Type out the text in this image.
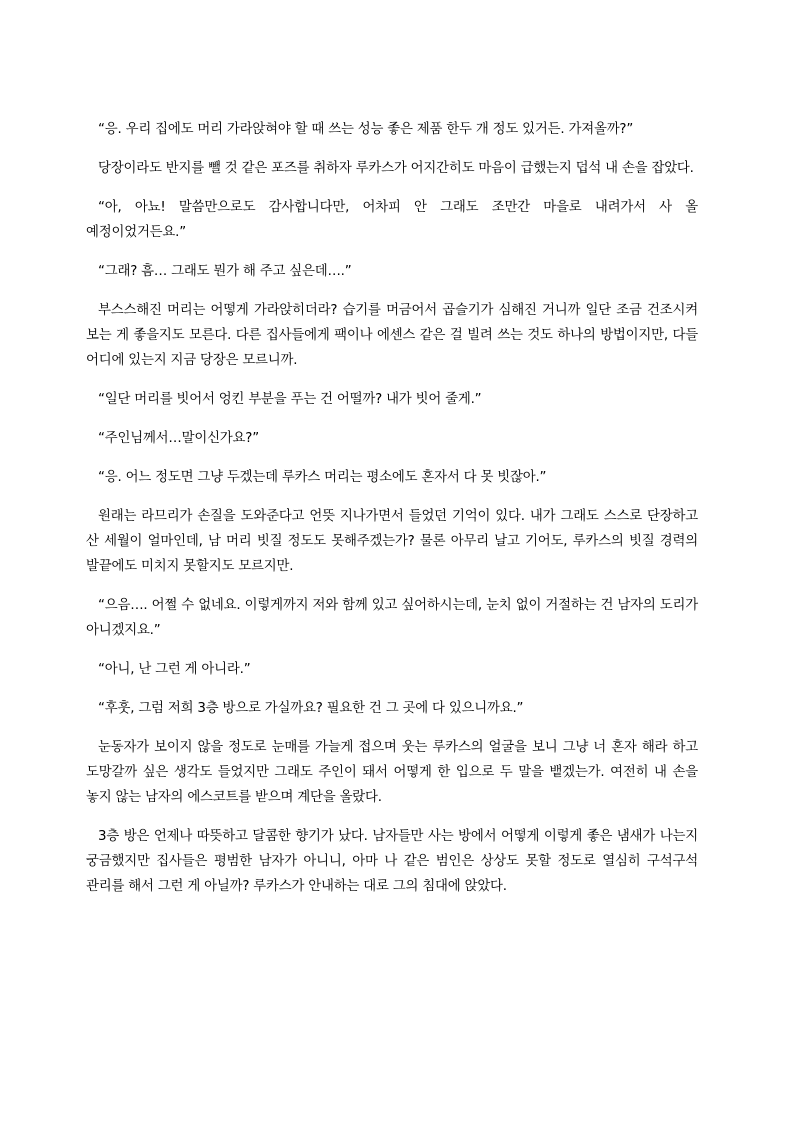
“응. 우리 집에도 머리 가라앉혀야 할 때 쓰는 성능 좋은 제품 한두 개 정도 있거든. 가져올까?”

당장이라도 반지를 뺄 것 같은 포즈를 취하자 루카스가 어지간히도 마음이 급했는지 덥석 내 손을 잡았다.

“아, 아뇨! 말씀만으로도 감사합니다만, 어차피 안 그래도 조만간 마을로 내려가서 사 올 예정이었거든요.”

“그래? 흠… 그래도 뭔가 해 주고 싶은데….”

부스스해진 머리는 어떻게 가라앉히더라? 습기를 머금어서 곱슬기가 심해진 거니까 일단 조금 건조시켜 보는 게 좋을지도 모른다. 다른 집사들에게 팩이나 에센스 같은 걸 빌려 쓰는 것도 하나의 방법이지만, 다들 어디에 있는지 지금 당장은 모르니까.

“일단 머리를 빗어서 엉킨 부분을 푸는 건 어떨까? 내가 빗어 줄게.”

“주인님께서…말이신가요?”

“응. 어느 정도면 그냥 두겠는데 루카스 머리는 평소에도 혼자서 다 못 빗잖아.”

원래는 라므리가 손질을 도와준다고 언뜻 지나가면서 들었던 기억이 있다. 내가 그래도 스스로 단장하고 산 세월이 얼마인데, 남 머리 빗질 정도도 못해주겠는가? 물론 아무리 날고 기어도, 루카스의 빗질 경력의 발끝에도 미치지 못할지도 모르지만.

“으음…. 어쩔 수 없네요. 이렇게까지 저와 함께 있고 싶어하시는데, 눈치 없이 거절하는 건 남자의 도리가 아니겠지요.”

“아니, 난 그런 게 아니라.”

“후훗, 그럼 저희 3층 방으로 가실까요? 필요한 건 그 곳에 다 있으니까요.”

눈동자가 보이지 않을 정도로 눈매를 가늘게 접으며 웃는 루카스의 얼굴을 보니 그냥 너 혼자 해라 하고 도망갈까 싶은 생각도 들었지만 그래도 주인이 돼서 어떻게 한 입으로 두 말을 뱉겠는가. 여전히 내 손을 놓지 않는 남자의 에스코트를 받으며 계단을 올랐다.

3층 방은 언제나 따뜻하고 달콤한 향기가 났다. 남자들만 사는 방에서 어떻게 이렇게 좋은 냄새가 나는지 궁금했지만 집사들은 평범한 남자가 아니니, 아마 나 같은 범인은 상상도 못할 정도로 열심히 구석구석 관리를 해서 그런 게 아닐까? 루카스가 안내하는 대로 그의 침대에 앉았다.
